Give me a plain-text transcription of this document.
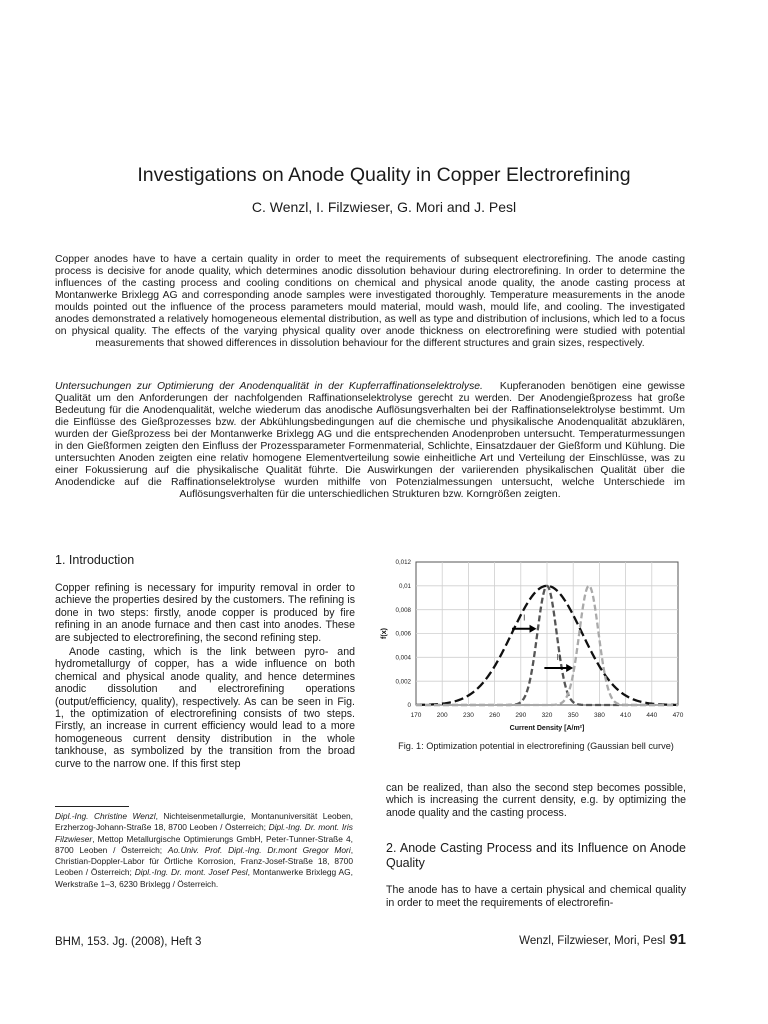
Investigations on Anode Quality in Copper Electrorefining
C. Wenzl, I. Filzwieser, G. Mori and J. Pesl

Copper anodes have to have a certain quality in order to meet the requirements of subsequent electrorefining. The anode casting process is decisive for anode quality, which determines anodic dissolution behaviour during electrorefining. In order to determine the influences of the casting process and cooling conditions on chemical and physical anode quality, the anode casting process at Montanwerke Brixlegg AG and corresponding anode samples were investigated thoroughly. Temperature measurements in the anode moulds pointed out the influence of the process parameters mould material, mould wash, mould life, and cooling. The investigated anodes demonstrated a relatively homogeneous elemental distribution, as well as type and distribution of inclusions, which led to a focus on physical quality. The effects of the varying physical quality over anode thickness on electrorefining were studied with potential measurements that showed differences in dissolution behaviour for the different structures and grain sizes, respectively.

Untersuchungen zur Optimierung der Anodenqualität in der Kupferraffinationselektrolyse. Kupferanoden benötigen eine gewisse Qualität um den Anforderungen der nachfolgenden Raffinationselektrolyse gerecht zu werden. Der Anodengießprozess hat große Bedeutung für die Anodenqualität, welche wiederum das anodische Auflösungsverhalten bei der Raffinationselektrolyse bestimmt. Um die Einflüsse des Gießprozesses bzw. der Abkühlungsbedingungen auf die chemische und physikalische Anodenqualität abzuklären, wurden der Gießprozess bei der Montanwerke Brixlegg AG und die entsprechenden Anodenproben untersucht. Temperaturmessungen in den Gießformen zeigten den Einfluss der Prozessparameter Formenmaterial, Schlichte, Einsatzdauer der Gießform und Kühlung. Die untersuchten Anoden zeigten eine relativ homogene Elementverteilung sowie einheitliche Art und Verteilung der Einschlüsse, was zu einer Fokussierung auf die physikalische Qualität führte. Die Auswirkungen der variierenden physikalischen Qualität über die Anodendicke auf die Raffinationselektrolyse wurden mithilfe von Potenzialmessungen untersucht, welche Unterschiede im Auflösungsverhalten für die unterschiedlichen Strukturen bzw. Korngrößen zeigten.

1. Introduction

Copper refining is necessary for impurity removal in order to achieve the properties desired by the customers. The refining is done in two steps: firstly, anode copper is produced by fire refining in an anode furnace and then cast into anodes. These are subjected to electrorefining, the second refining step.

Anode casting, which is the link between pyro- and hydrometallurgy of copper, has a wide influence on both chemical and physical anode quality, and hence determines anodic dissolution and electrorefining operations (output/efficiency, quality), respectively. As can be seen in Fig. 1, the optimization of electrorefining consists of two steps. Firstly, an increase in current efficiency would lead to a more homogeneous current density distribution in the whole tankhouse, as symbolized by the transition from the broad curve to the narrow one. If this first step

Dipl.-Ing. Christine Wenzl, Nichteisenmetallurgie, Montanuniversität Leoben, Erzherzog-Johann-Straße 18, 8700 Leoben / Österreich; Dipl.-Ing. Dr. mont. Iris Filzwieser, Mettop Metallurgische Optimierungs GmbH, Peter-Tunner-Straße 4, 8700 Leoben / Österreich; Ao.Univ. Prof. Dipl.-Ing. Dr.mont Gregor Mori, Christian-Doppler-Labor für Örtliche Korrosion, Franz-Josef-Straße 18, 8700 Leoben / Österreich; Dipl.-Ing. Dr. mont. Josef Pesl, Montanwerke Brixlegg AG, Werkstraße 1–3, 6230 Brixlegg / Österreich.

170 200 230 260 290 320 350 380 410 440 470
0
0,002
0,004
0,006
0,008
0,01
0,012
I
II
Current Density [A/m²]
f(x)
Fig. 1: Optimization potential in electrorefining (Gaussian bell curve)

can be realized, than also the second step becomes possible, which is increasing the current density, e.g. by optimizing the anode quality and the casting process.

2. Anode Casting Process and its Influence on Anode Quality

The anode has to have a certain physical and chemical quality in order to meet the requirements of electrorefin-

BHM, 153. Jg. (2008), Heft 3	Wenzl, Filzwieser, Mori, Pesl 91
